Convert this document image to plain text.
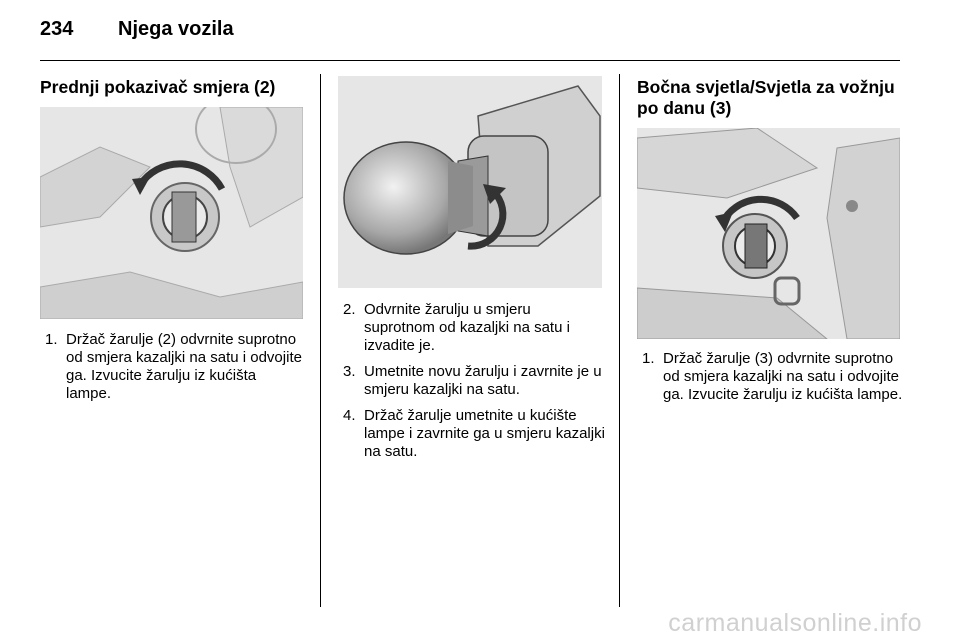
234 Njega vozila
Prednji pokazivač smjera (2)
1. Držač žarulje (2) odvrnite suprotno od smjera kazaljki na satu i odvojite ga. Izvucite žarulju iz kućišta lampe.
2. Odvrnite žarulju u smjeru suprotnom od kazaljki na satu i izvadite je.
3. Umetnite novu žarulju i zavrnite je u smjeru kazaljki na satu.
4. Držač žarulje umetnite u kućište lampe i zavrnite ga u smjeru kazaljki na satu.
Bočna svjetla/Svjetla za vožnju po danu (3)
1. Držač žarulje (3) odvrnite suprotno od smjera kazaljki na satu i odvojite ga. Izvucite žarulju iz kućišta lampe.
carmanualsonline.info
